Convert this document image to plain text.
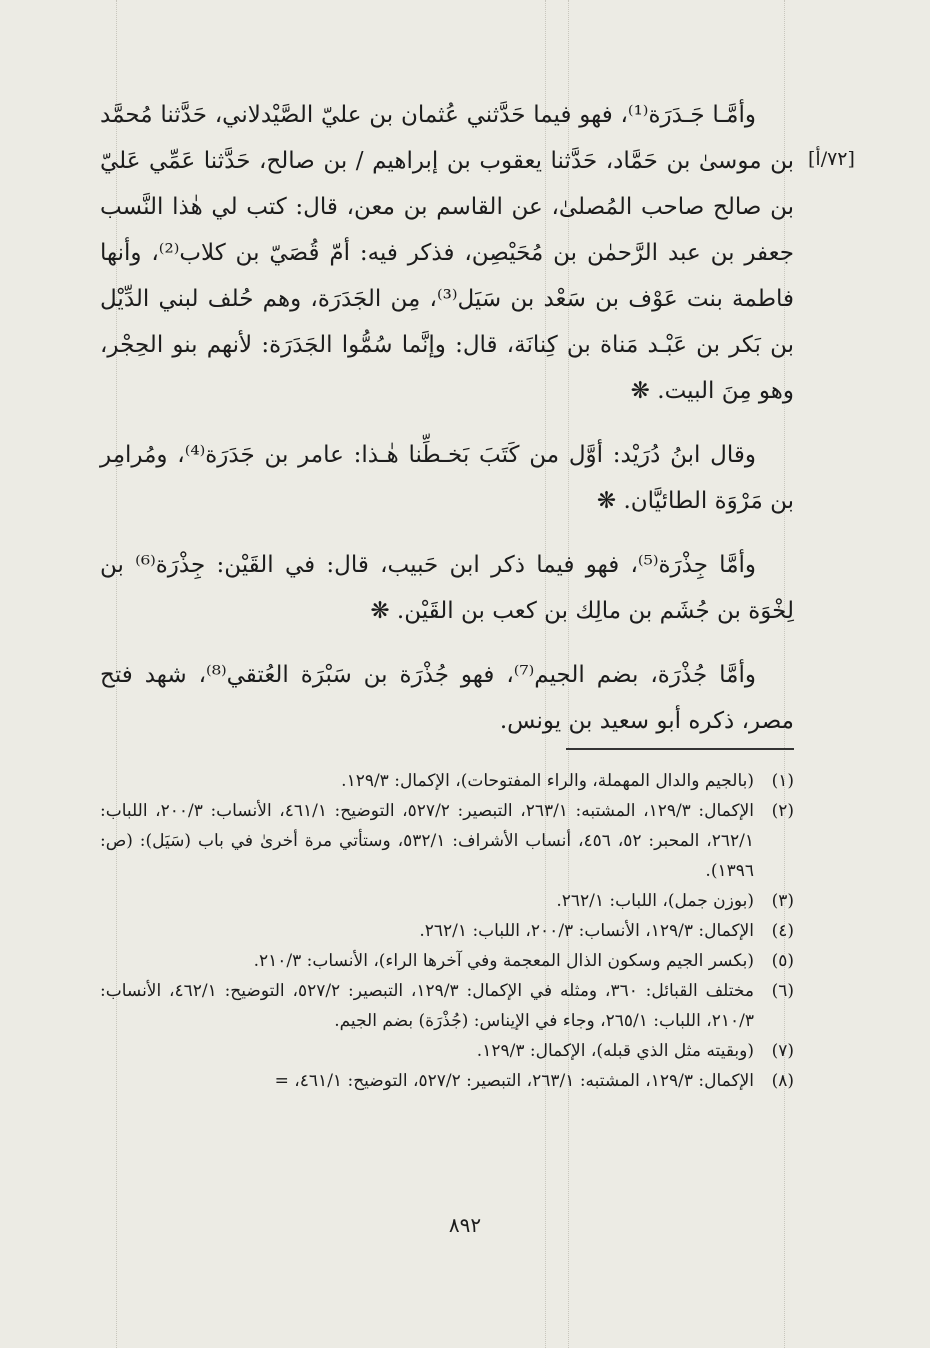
[٧٢/أ]

وأمَّـا جَـدَرَة⁽¹⁾، فهو فيما حَدَّثني عُثمان بن عليّ الصَّيْدلاني، حَدَّثنا مُحمَّد بن موسىٰ بن حَمَّاد، حَدَّثنا يعقوب بن إبراهيم / بن صالح، حَدَّثنا عَمِّي عَليّ بن صالح صاحب المُصلىٰ، عن القاسم بن معن، قال: كتب لي هٰذا النَّسب جعفر بن عبد الرَّحمٰن بن مُحَيْصِن، فذكر فيه: أمّ قُصَيّ بن كلاب⁽²⁾، وأنها فاطمة بنت عَوْف بن سَعْد بن سَيَل⁽³⁾، مِن الجَدَرَة، وهم حُلف لبني الدِّيْل بن بَكر بن عَبْـد مَناة بن كِنانَة، قال: وإنَّما سُمُّوا الجَدَرَة: لأنهم بنو الحِجْر، وهو مِنَ البيت. ❋

وقال ابنُ دُرَيْد: أوَّل من كَتَبَ بَخـطِّنا هٰـذا: عامر بن جَدَرَة⁽⁴⁾، ومُرامِر بن مَرْوَة الطائيَّان. ❋

وأمَّا جِذْرَة⁽⁵⁾، فهو فيما ذكر ابن حَبيب، قال: في القَيْن: جِذْرَة⁽⁶⁾ بن لِخْوَة بن جُشَم بن مالِك بن كعب بن القَيْن. ❋

وأمَّا جُذْرَة، بضم الجيم⁽⁷⁾، فهو جُذْرَة بن سَبْرَة العُتقي⁽⁸⁾، شهد فتح مصر، ذكره أبو سعيد بن يونس.

(١)
(بالجيم والدال المهملة، والراء المفتوحات)، الإكمال: ١٢٩/٣.
(٢)
الإكمال: ١٢٩/٣، المشتبه: ٢٦٣/١، التبصير: ٥٢٧/٢، التوضيح: ٤٦١/١، الأنساب: ٢٠٠/٣، اللباب: ٢٦٢/١، المحبر: ٥٢، ٤٥٦، أنساب الأشراف: ٥٣٢/١، وستأتي مرة أخرىٰ في باب (سَيَل): (ص: ١٣٩٦).
(٣)
(بوزن جمل)، اللباب: ٢٦٢/١.
(٤)
الإكمال: ١٢٩/٣، الأنساب: ٢٠٠/٣، اللباب: ٢٦٢/١.
(٥)
(بكسر الجيم وسكون الذال المعجمة وفي آخرها الراء)، الأنساب: ٢١٠/٣.
(٦)
مختلف القبائل: ٣٦٠، ومثله في الإكمال: ١٢٩/٣، التبصير: ٥٢٧/٢، التوضيح: ٤٦٢/١، الأنساب: ٢١٠/٣، اللباب: ٢٦٥/١، وجاء في الإيناس: (جُذْرَة) بضم الجيم.
(٧)
(وبقيته مثل الذي قبله)، الإكمال: ١٢٩/٣.
(٨)
الإكمال: ١٢٩/٣، المشتبه: ٢٦٣/١، التبصير: ٥٢٧/٢، التوضيح: ٤٦١/١، =
٨٩٢
